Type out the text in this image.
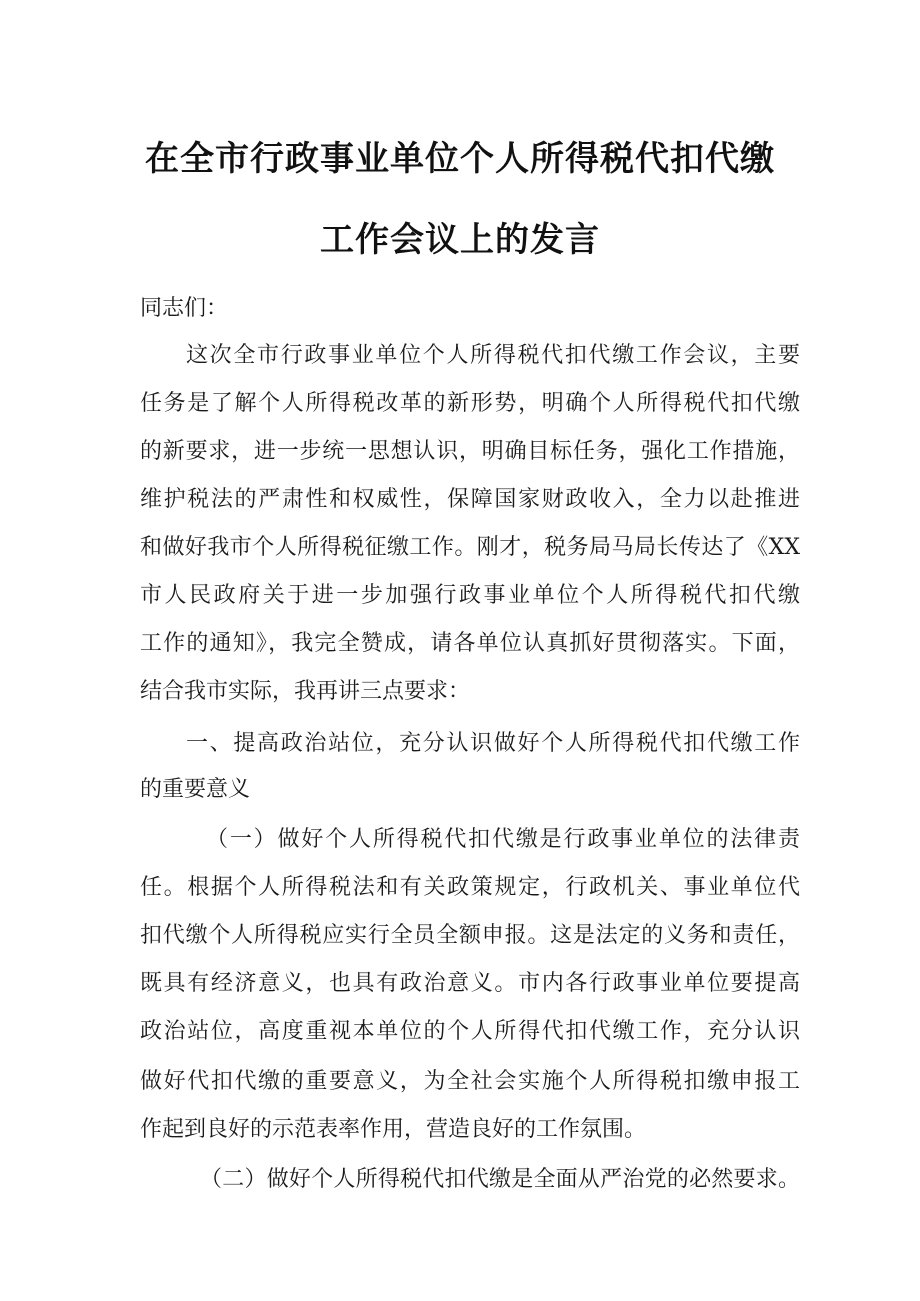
在全市行政事业单位个人所得税代扣代缴
工作会议上的发言
同志们：
这次全市行政事业单位个人所得税代扣代缴工作会议，主要
任务是了解个人所得税改革的新形势，明确个人所得税代扣代缴
的新要求，进一步统一思想认识，明确目标任务，强化工作措施，
维护税法的严肃性和权威性，保障国家财政收入，全力以赴推进
和做好我市个人所得税征缴工作。刚才，税务局马局长传达了《XX
市人民政府关于进一步加强行政事业单位个人所得税代扣代缴
工作的通知》，我完全赞成，请各单位认真抓好贯彻落实。下面，
结合我市实际，我再讲三点要求：
一、提高政治站位，充分认识做好个人所得税代扣代缴工作
的重要意义
（一）做好个人所得税代扣代缴是行政事业单位的法律责
任。根据个人所得税法和有关政策规定，行政机关、事业单位代
扣代缴个人所得税应实行全员全额申报。这是法定的义务和责任，
既具有经济意义，也具有政治意义。市内各行政事业单位要提高
政治站位，高度重视本单位的个人所得代扣代缴工作，充分认识
做好代扣代缴的重要意义，为全社会实施个人所得税扣缴申报工
作起到良好的示范表率作用，营造良好的工作氛围。
（二）做好个人所得税代扣代缴是全面从严治党的必然要求。
